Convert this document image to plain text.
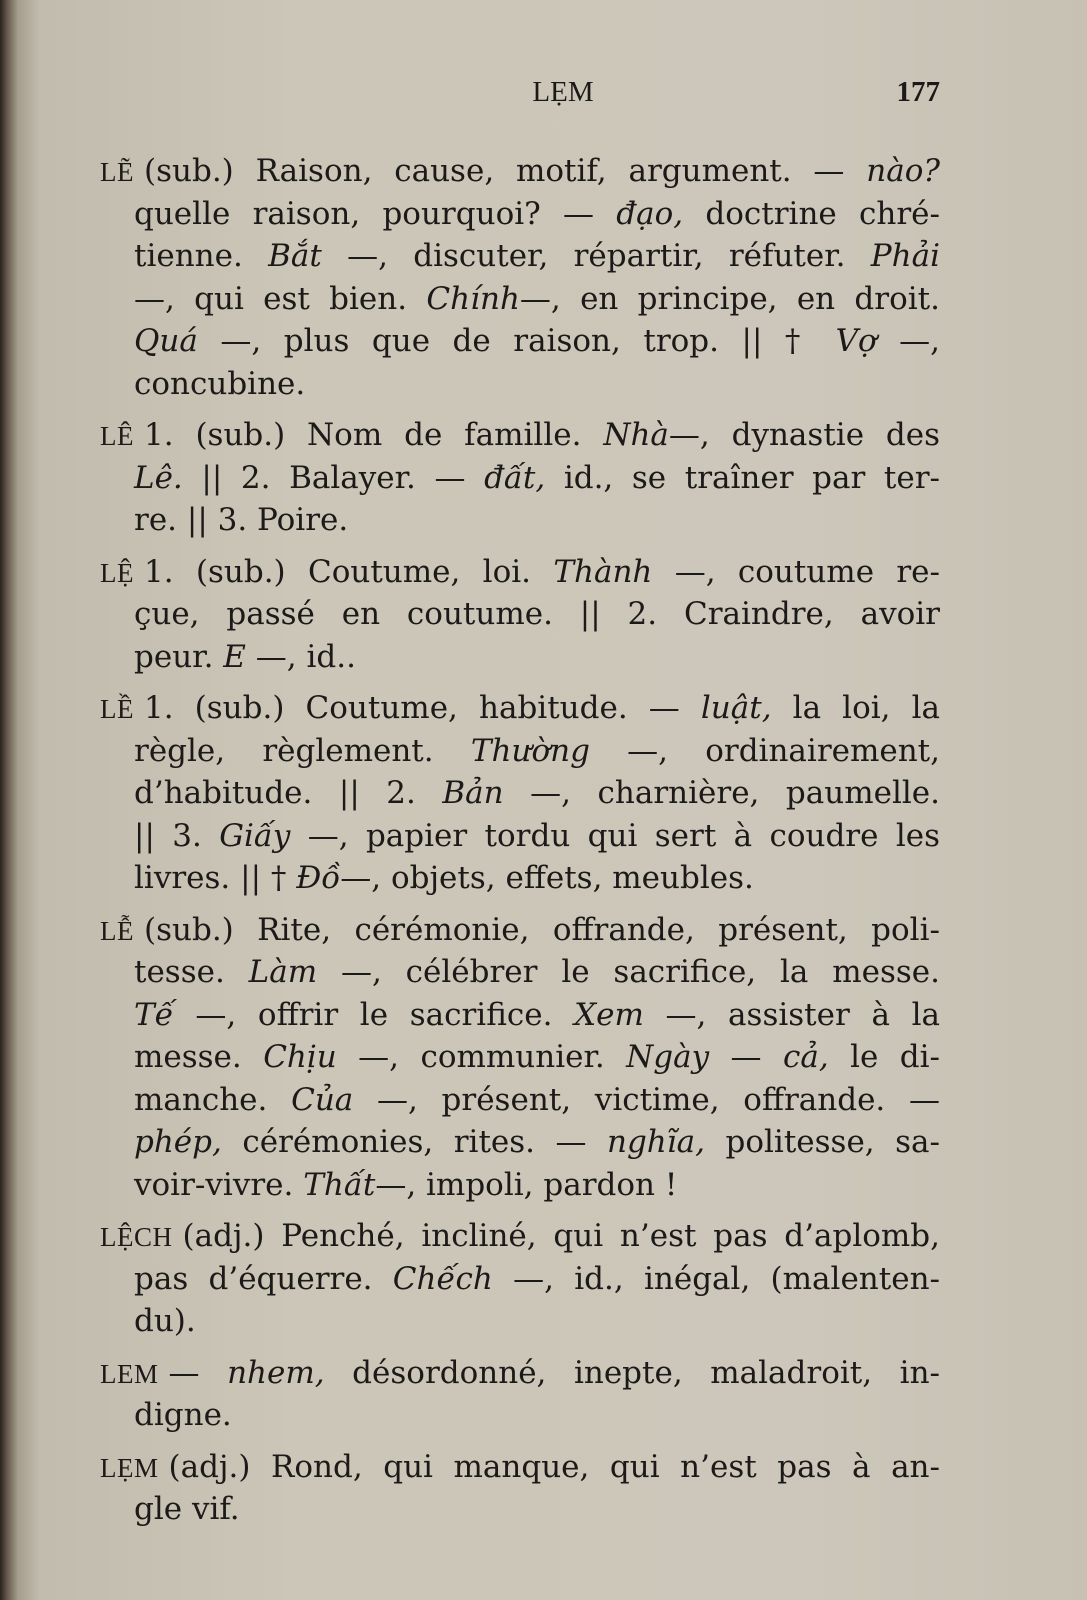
LẸM	177
LẼ (sub.) Raison, cause, motif, argument. — nào?
quelle raison, pourquoi? — đạo, doctrine chré-
tienne. Bắt —, discuter, répartir, réfuter. Phải
—, qui est bien. Chính—, en principe, en droit.
Quá —, plus que de raison, trop. || † Vợ —,
concubine.
LÊ 1. (sub.) Nom de famille. Nhà—, dynastie des
Lê. || 2. Balayer. — đất, id., se traîner par ter-
re. || 3. Poire.
LỆ 1. (sub.) Coutume, loi. Thành —, coutume re-
çue, passé en coutume. || 2. Craindre, avoir
peur. E —, id..
LỀ 1. (sub.) Coutume, habitude. — luật, la loi, la
règle, règlement. Thường —, ordinairement,
d’habitude. || 2. Bản —, charnière, paumelle.
|| 3. Giấy —, papier tordu qui sert à coudre les
livres. || † Đồ—, objets, effets, meubles.
LỄ (sub.) Rite, cérémonie, offrande, présent, poli-
tesse. Làm —, célébrer le sacrifice, la messe.
Tế —, offrir le sacrifice. Xem —, assister à la
messe. Chịu —, communier. Ngày — cả, le di-
manche. Của —, présent, victime, offrande. —
phép, cérémonies, rites. — nghĩa, politesse, sa-
voir-vivre. Thất—, impoli, pardon !
LỆCH (adj.) Penché, incliné, qui n’est pas d’aplomb,
pas d’équerre. Chếch —, id., inégal, (malenten-
du).
LEM — nhem, désordonné, inepte, maladroit, in-
digne.
LẸM (adj.) Rond, qui manque, qui n’est pas à an-
gle vif.
